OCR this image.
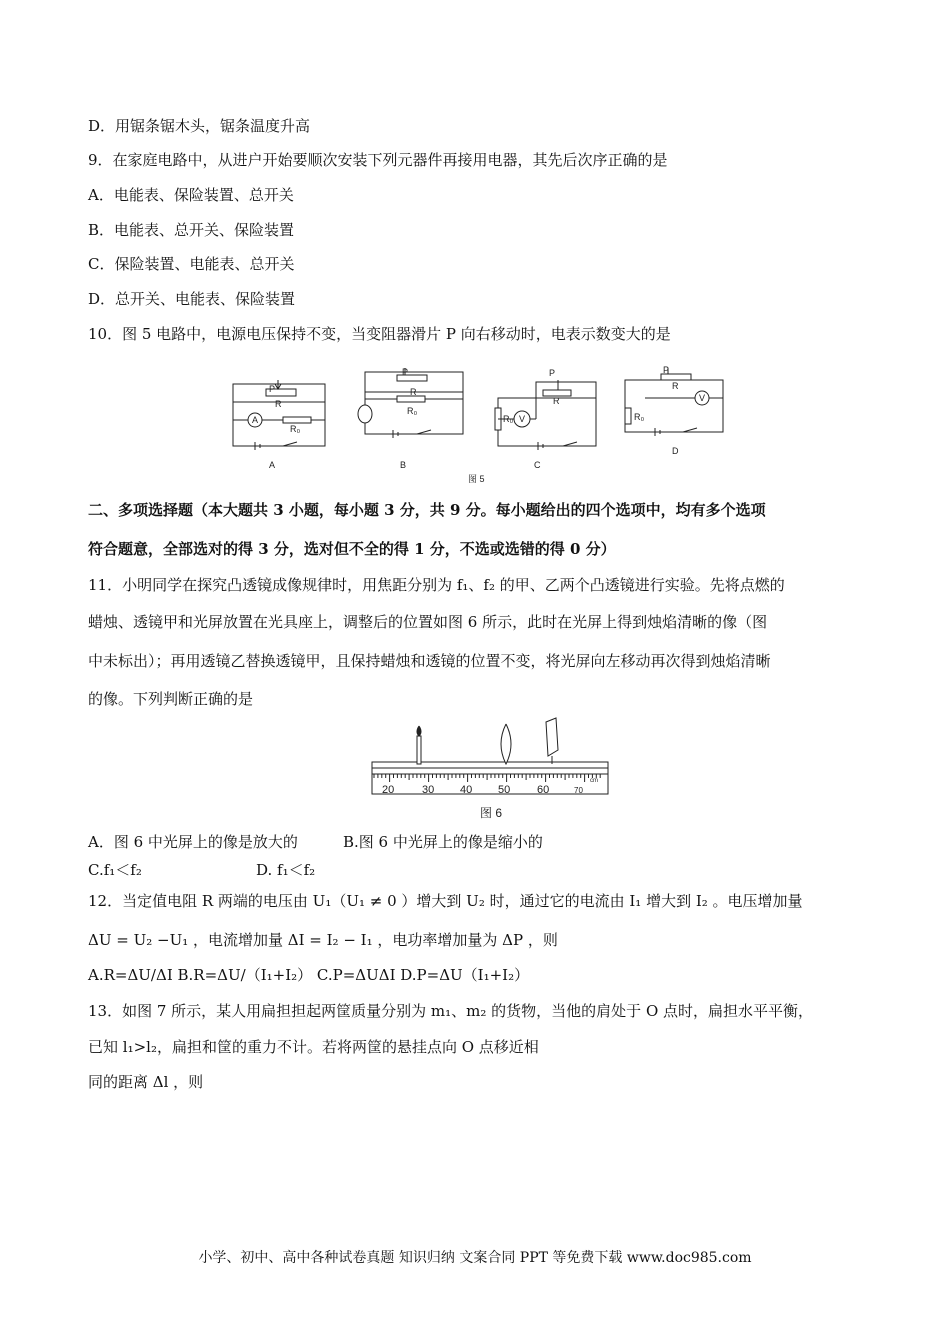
D．用锯条锯木头，锯条温度升高
9．在家庭电路中，从进户开始要顺次安装下列元器件再接用电器，其先后次序正确的是
A．电能表、保险装置、总开关
B．电能表、总开关、保险装置
C．保险装置、电能表、总开关
D．总开关、电能表、保险装置
10．图 5 电路中，电源电压保持不变，当变阻器滑片 P 向右移动时，电表示数变大的是
P
R
R₀
A
P
R
R₀
P
R
R₀ V
P
R
R₀
V
A	B	C
D
图 5
二、多项选择题（本大题共 3 小题，每小题 3 分，共 9 分。每小题给出的四个选项中，均有多个选项
符合题意，全部选对的得 3 分，选对但不全的得 1 分，不选或选错的得 0 分）
11．小明同学在探究凸透镜成像规律时，用焦距分别为 f₁、f₂ 的甲、乙两个凸透镜进行实验。先将点燃的
蜡烛、透镜甲和光屏放置在光具座上，调整后的位置如图 6 所示，此时在光屏上得到烛焰清晰的像（图
中未标出）；再用透镜乙替换透镜甲，且保持蜡烛和透镜的位置不变，将光屏向左移动再次得到烛焰清晰
的像。下列判断正确的是
20	30 40 50 60	70
cm
图 6
A．图 6 中光屏上的像是放大的	B.图 6 中光屏上的像是缩小的
C.f₁＜f₂	D. f₁＜f₂
12．当定值电阻 R 两端的电压由 U₁（U₁ ≠ 0 ）增大到 U₂ 时，通过它的电流由 I₁ 增大到 I₂ 。电压增加量
ΔU = U₂ −U₁ ，电流增加量 ΔI = I₂ − I₁ ，电功率增加量为 ΔP ，则
A.R=ΔU/ΔI B.R=ΔU/（I₁+I₂） C.P=ΔUΔI D.P=ΔU（I₁+I₂）
13．如图 7 所示，某人用扁担担起两筐质量分别为 m₁、m₂ 的货物，当他的肩处于 O 点时，扁担水平平衡，
已知 l₁>l₂，扁担和筐的重力不计。若将两筐的悬挂点向 O 点移近相
同的距离 Δl ，则
小学、初中、高中各种试卷真题 知识归纳 文案合同 PPT 等免费下载 www.doc985.com
